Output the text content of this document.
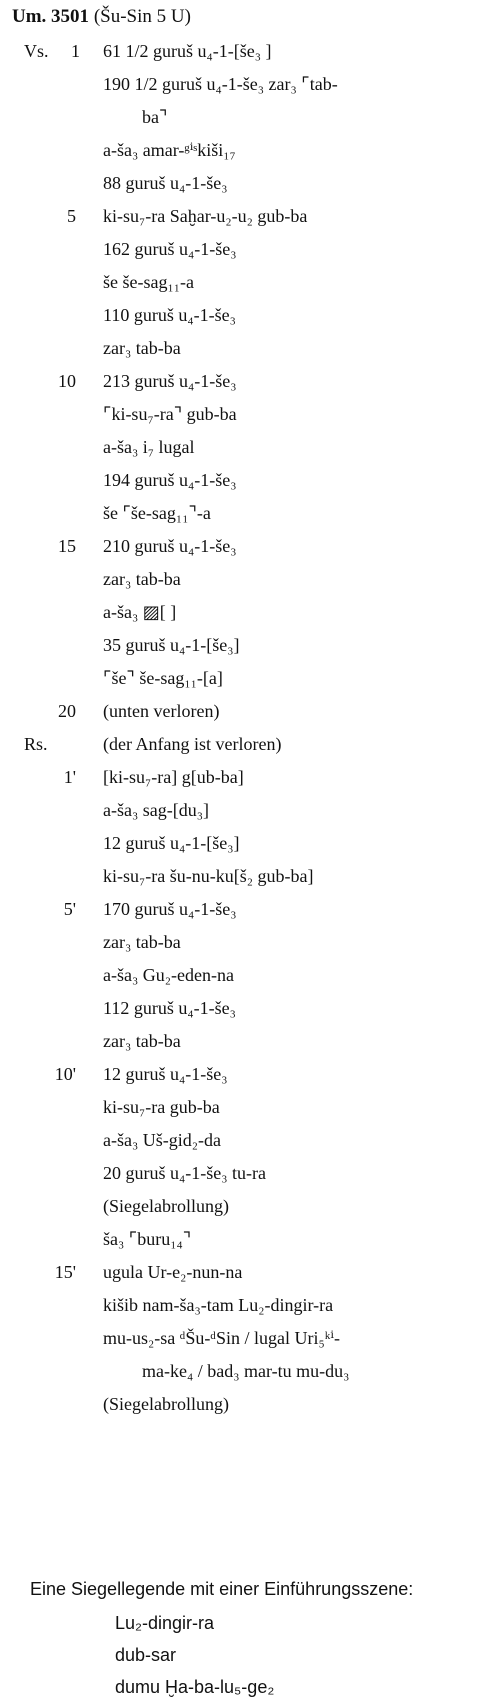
Um. 3501 (Šu-Sin 5 U)
Vs.	1 61 1/2 guruš u₄-1-[še₃ ]
190 1/2 guruš u₄-1-še₃ zar₃ ⌜tab-
ba⌝
a-ša₃ amar-ᵍⁱˢkiši₁₇
88 guruš u₄-1-še₃
5 ki-su₇-ra Saḫar-u₂-u₂ gub-ba
162 guruš u₄-1-še₃
še še-sag₁₁-a
110 guruš u₄-1-še₃
zar₃ tab-ba
10 213 guruš u₄-1-še₃
⌜ki-su₇-ra⌝ gub-ba
a-ša₃ i₇ lugal
194 guruš u₄-1-še₃
še ⌜še-sag₁₁⌝-a
15 210 guruš u₄-1-še₃
zar₃ tab-ba
a-ša₃ ▨[ ]
35 guruš u₄-1-[še₃]
⌜še⌝ še-sag₁₁-[a]
20 (unten verloren)
Rs.	(der Anfang ist verloren)
1' [ki-su₇-ra] g[ub-ba]
a-ša₃ sag-[du₃]
12 guruš u₄-1-[še₃]
ki-su₇-ra šu-nu-ku[š₂ gub-ba]
5' 170 guruš u₄-1-še₃
zar₃ tab-ba
a-ša₃ Gu₂-eden-na
112 guruš u₄-1-še₃
zar₃ tab-ba
10' 12 guruš u₄-1-še₃
ki-su₇-ra gub-ba
a-ša₃ Uš-gid₂-da
20 guruš u₄-1-še₃ tu-ra
(Siegelabrollung)
ša₃ ⌜buru₁₄⌝
15' ugula Ur-e₂-nun-na
kišib nam-ša₃-tam Lu₂-dingir-ra
mu-us₂-sa ᵈŠu-ᵈSin / lugal Uri₅ᵏⁱ-
ma-ke₄ / bad₃ mar-tu mu-du₃
(Siegelabrollung)
Eine Siegellegende mit einer Einführungsszene:
Lu₂-dingir-ra
dub-sar
dumu Ḫa-ba-lu₅-ge₂
